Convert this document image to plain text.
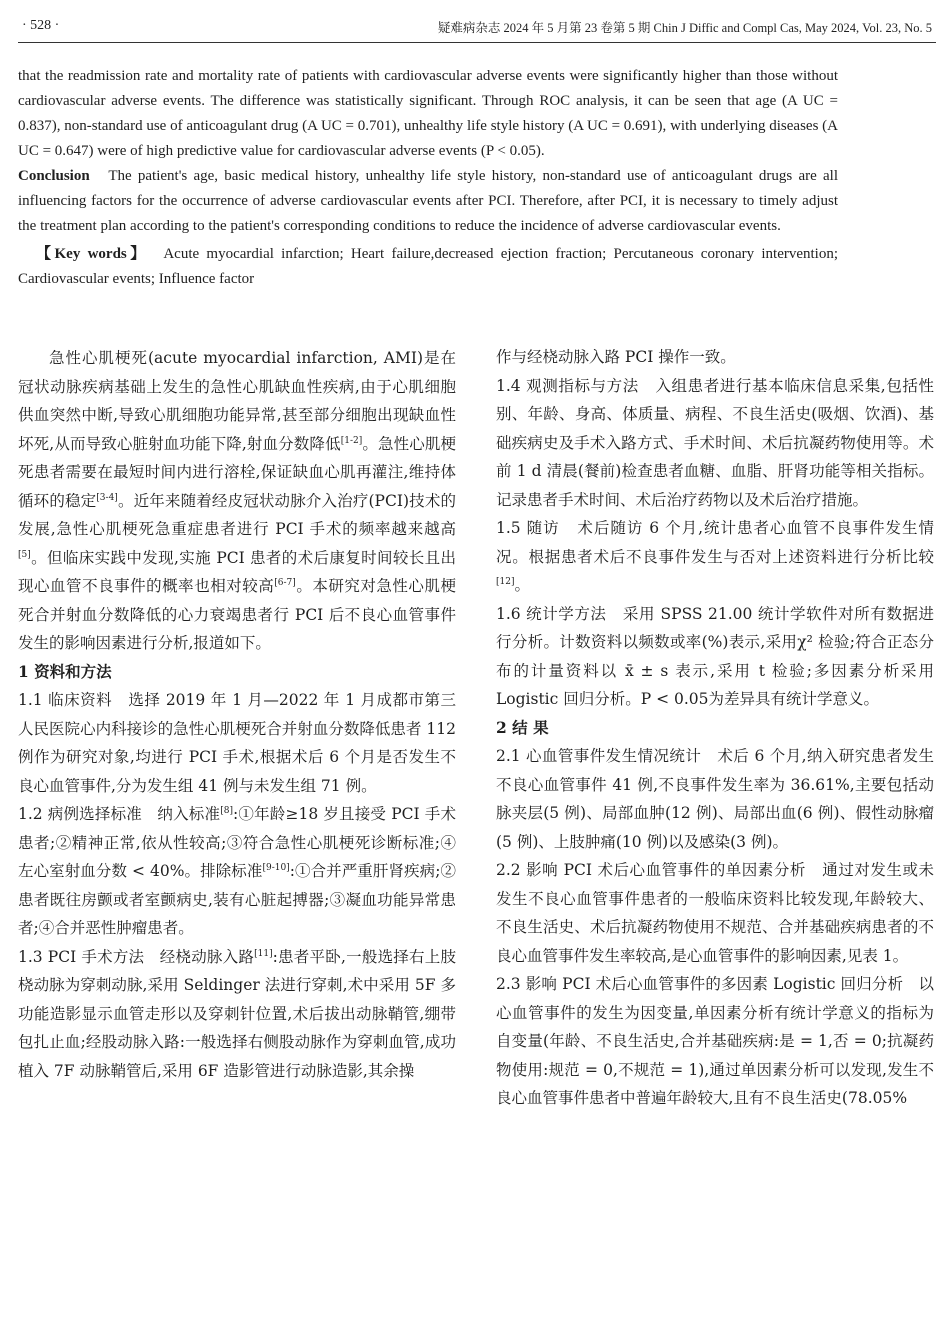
· 528 ·	疑难病杂志 2024 年 5 月第 23 卷第 5 期 Chin J Diffic and Compl Cas, May 2024, Vol. 23, No. 5

that the readmission rate and mortality rate of patients with cardiovascular adverse events were significantly higher than those without cardiovascular adverse events. The difference was statistically significant. Through ROC analysis, it can be seen that age (A UC = 0.837), non-standard use of anticoagulant drug (A UC = 0.701), unhealthy life style history (A UC = 0.691), with underlying diseases (A UC = 0.647) were of high predictive value for cardiovascular adverse events (P < 0.05).

Conclusion The patient's age, basic medical history, unhealthy life style history, non-standard use of anticoagulant drugs are all influencing factors for the occurrence of adverse cardiovascular events after PCI. Therefore, after PCI, it is necessary to timely adjust the treatment plan according to the patient's corresponding conditions to reduce the incidence of adverse cardiovascular events.

【Key words】 Acute myocardial infarction; Heart failure,decreased ejection fraction; Percutaneous coronary intervention; Cardiovascular events; Influence factor

急性心肌梗死(acute myocardial infarction, AMI)是在冠状动脉疾病基础上发生的急性心肌缺血性疾病,由于心肌细胞供血突然中断,导致心肌细胞功能异常,甚至部分细胞出现缺血性坏死,从而导致心脏射血功能下降,射血分数降低[1-2]。急性心肌梗死患者需要在最短时间内进行溶栓,保证缺血心肌再灌注,维持体循环的稳定[3-4]。近年来随着经皮冠状动脉介入治疗(PCI)技术的发展,急性心肌梗死急重症患者进行 PCI 手术的频率越来越高[5]。但临床实践中发现,实施 PCI 患者的术后康复时间较长且出现心血管不良事件的概率也相对较高[6-7]。本研究对急性心肌梗死合并射血分数降低的心力衰竭患者行 PCI 后不良心血管事件发生的影响因素进行分析,报道如下。

1 资料和方法

1.1 临床资料 选择 2019 年 1 月—2022 年 1 月成都市第三人民医院心内科接诊的急性心肌梗死合并射血分数降低患者 112 例作为研究对象,均进行 PCI 手术,根据术后 6 个月是否发生不良心血管事件,分为发生组 41 例与未发生组 71 例。

1.2 病例选择标准 纳入标准[8]:①年龄≥18 岁且接受 PCI 手术患者;②精神正常,依从性较高;③符合急性心肌梗死诊断标准;④左心室射血分数 < 40%。排除标准[9-10]:①合并严重肝肾疾病;②患者既往房颤或者室颤病史,装有心脏起搏器;③凝血功能异常患者;④合并恶性肿瘤患者。

1.3 PCI 手术方法 经桡动脉入路[11]:患者平卧,一般选择右上肢桡动脉为穿刺动脉,采用 Seldinger 法进行穿刺,术中采用 5F 多功能造影显示血管走形以及穿刺针位置,术后拔出动脉鞘管,绷带包扎止血;经股动脉入路:一般选择右侧股动脉作为穿刺血管,成功植入 7F 动脉鞘管后,采用 6F 造影管进行动脉造影,其余操

作与经桡动脉入路 PCI 操作一致。

1.4 观测指标与方法 入组患者进行基本临床信息采集,包括性别、年龄、身高、体质量、病程、不良生活史(吸烟、饮酒)、基础疾病史及手术入路方式、手术时间、术后抗凝药物使用等。术前 1 d 清晨(餐前)检查患者血糖、血脂、肝肾功能等相关指标。记录患者手术时间、术后治疗药物以及术后治疗措施。

1.5 随访 术后随访 6 个月,统计患者心血管不良事件发生情况。根据患者术后不良事件发生与否对上述资料进行分析比较[12]。

1.6 统计学方法 采用 SPSS 21.00 统计学软件对所有数据进行分析。计数资料以频数或率(%)表示,采用χ² 检验;符合正态分布的计量资料以 x̄ ± s 表示,采用 t 检验;多因素分析采用 Logistic 回归分析。P < 0.05为差异具有统计学意义。

2 结 果

2.1 心血管事件发生情况统计 术后 6 个月,纳入研究患者发生不良心血管事件 41 例,不良事件发生率为 36.61%,主要包括动脉夹层(5 例)、局部血肿(12 例)、局部出血(6 例)、假性动脉瘤(5 例)、上肢肿痛(10 例)以及感染(3 例)。

2.2 影响 PCI 术后心血管事件的单因素分析 通过对发生或未发生不良心血管事件患者的一般临床资料比较发现,年龄较大、不良生活史、术后抗凝药物使用不规范、合并基础疾病患者的不良心血管事件发生率较高,是心血管事件的影响因素,见表 1。

2.3 影响 PCI 术后心血管事件的多因素 Logistic 回归分析 以心血管事件的发生为因变量,单因素分析有统计学意义的指标为自变量(年龄、不良生活史,合并基础疾病:是 = 1,否 = 0;抗凝药物使用:规范 = 0,不规范 = 1),通过单因素分析可以发现,发生不良心血管事件患者中普遍年龄较大,且有不良生活史(78.05%
